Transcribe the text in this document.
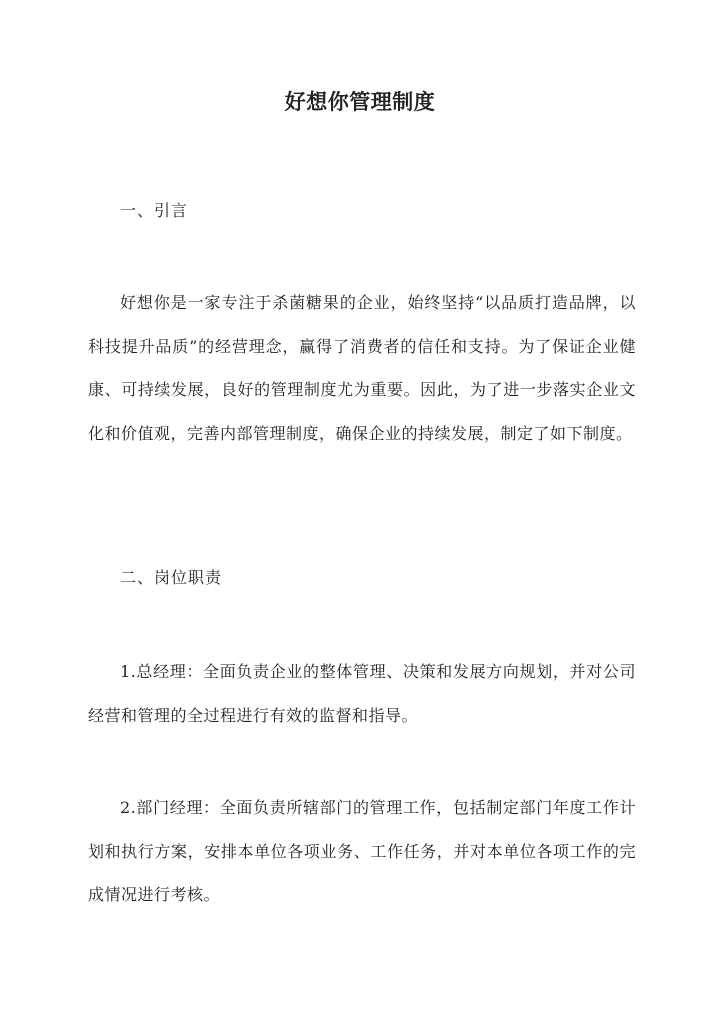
好想你管理制度
一、引言

好想你是一家专注于杀菌糖果的企业，始终坚持“以品质打造品牌，以科技提升品质”的经营理念，赢得了消费者的信任和支持。为了保证企业健康、可持续发展，良好的管理制度尤为重要。因此，为了进一步落实企业文化和价值观，完善内部管理制度，确保企业的持续发展，制定了如下制度。

二、岗位职责

1.总经理：全面负责企业的整体管理、决策和发展方向规划，并对公司经营和管理的全过程进行有效的监督和指导。

2.部门经理：全面负责所辖部门的管理工作，包括制定部门年度工作计划和执行方案，安排本单位各项业务、工作任务，并对本单位各项工作的完成情况进行考核。
